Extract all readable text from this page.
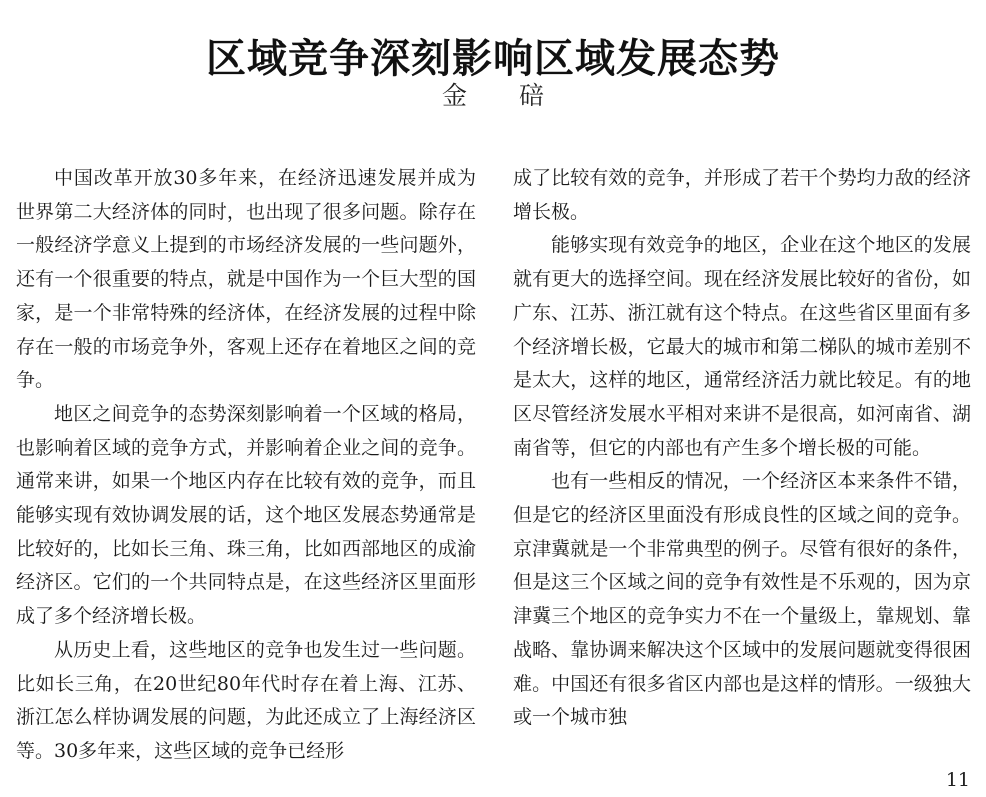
区域竞争深刻影响区域发展态势
金 碚

中国改革开放30多年来，在经济迅速发展并成为世界第二大经济体的同时，也出现了很多问题。除存在一般经济学意义上提到的市场经济发展的一些问题外，还有一个很重要的特点，就是中国作为一个巨大型的国家，是一个非常特殊的经济体，在经济发展的过程中除存在一般的市场竞争外，客观上还存在着地区之间的竞争。

地区之间竞争的态势深刻影响着一个区域的格局，也影响着区域的竞争方式，并影响着企业之间的竞争。通常来讲，如果一个地区内存在比较有效的竞争，而且能够实现有效协调发展的话，这个地区发展态势通常是比较好的，比如长三角、珠三角，比如西部地区的成渝经济区。它们的一个共同特点是，在这些经济区里面形成了多个经济增长极。

从历史上看，这些地区的竞争也发生过一些问题。比如长三角，在20世纪80年代时存在着上海、江苏、浙江怎么样协调发展的问题，为此还成立了上海经济区等。30多年来，这些区域的竞争已经形

成了比较有效的竞争，并形成了若干个势均力敌的经济增长极。

能够实现有效竞争的地区，企业在这个地区的发展就有更大的选择空间。现在经济发展比较好的省份，如广东、江苏、浙江就有这个特点。在这些省区里面有多个经济增长极，它最大的城市和第二梯队的城市差别不是太大，这样的地区，通常经济活力就比较足。有的地区尽管经济发展水平相对来讲不是很高，如河南省、湖南省等，但它的内部也有产生多个增长极的可能。

也有一些相反的情况，一个经济区本来条件不错，但是它的经济区里面没有形成良性的区域之间的竞争。京津冀就是一个非常典型的例子。尽管有很好的条件，但是这三个区域之间的竞争有效性是不乐观的，因为京津冀三个地区的竞争实力不在一个量级上，靠规划、靠战略、靠协调来解决这个区域中的发展问题就变得很困难。中国还有很多省区内部也是这样的情形。一级独大或一个城市独

11
